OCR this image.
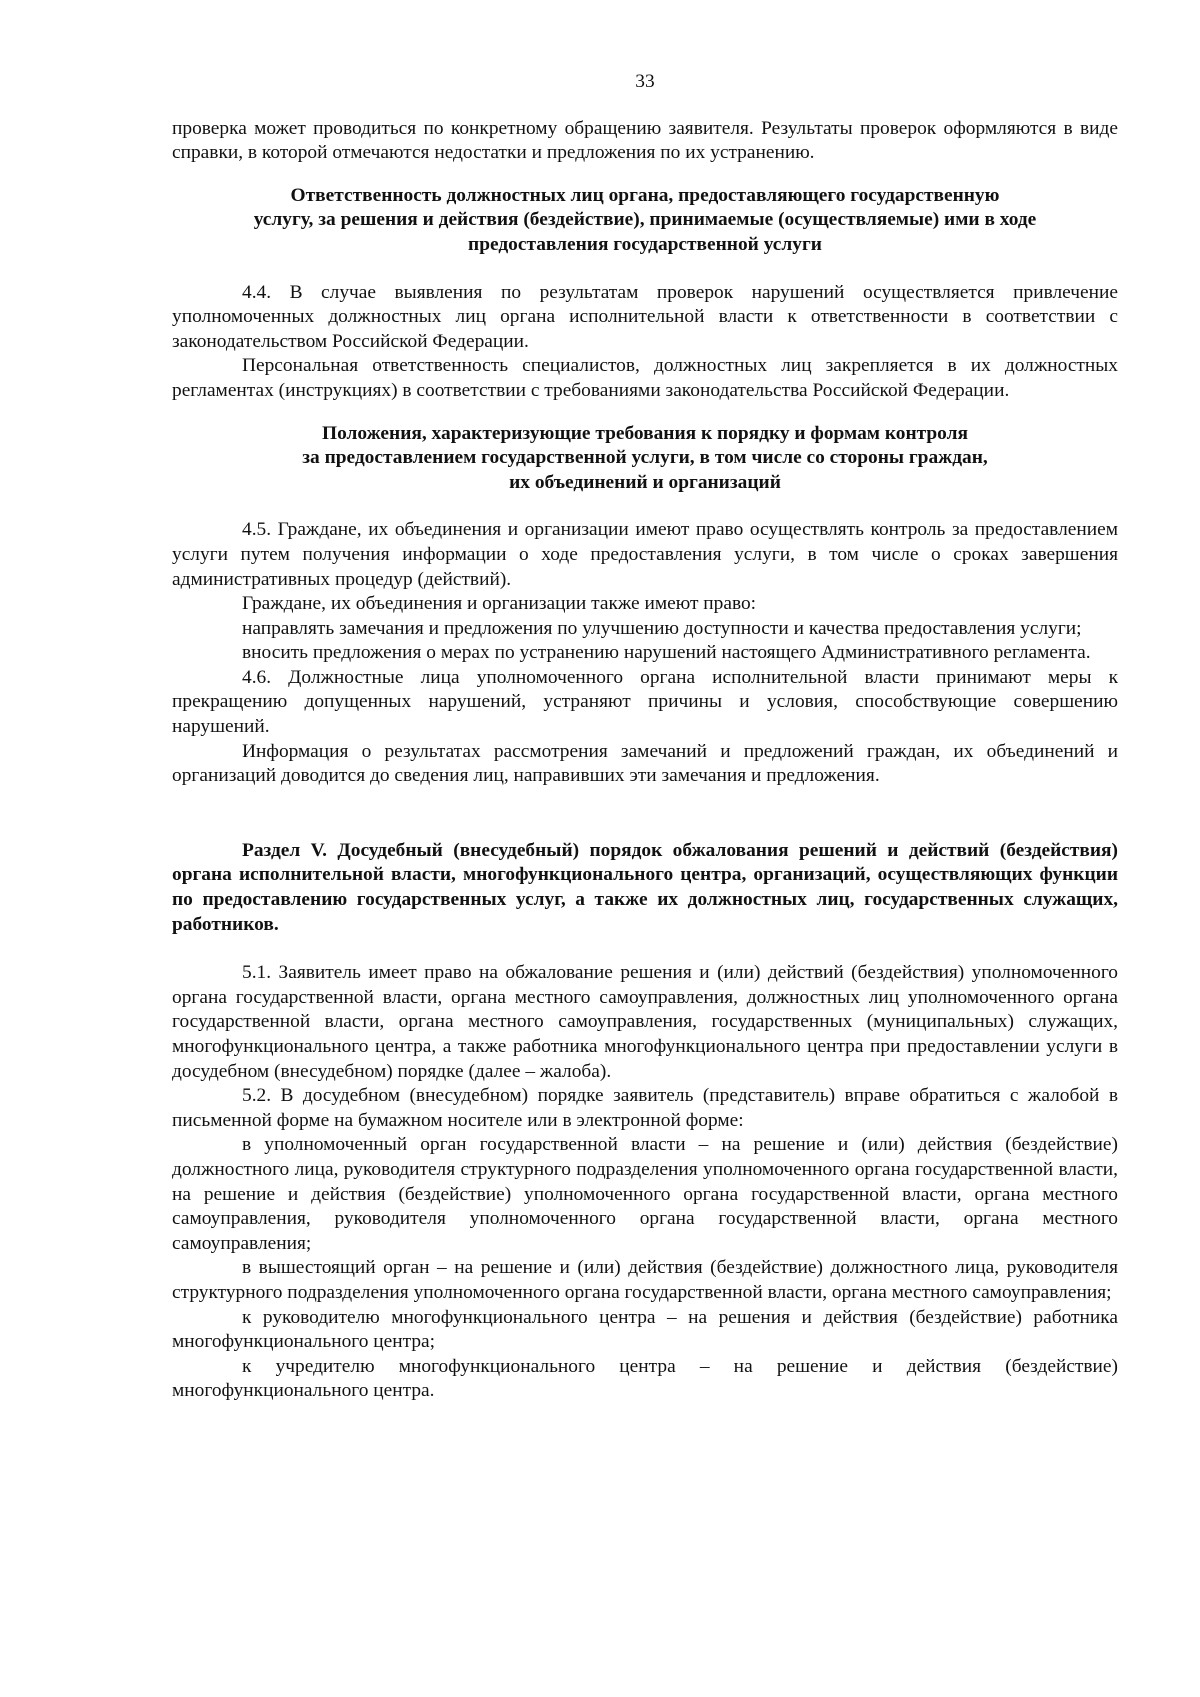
33

проверка может проводиться по конкретному обращению заявителя. Результаты проверок оформляются в виде справки, в которой отмечаются недостатки и предложения по их устранению.

Ответственность должностных лиц органа, предоставляющего государственную
услугу, за решения и действия (бездействие), принимаемые (осуществляемые) ими в ходе
предоставления государственной услуги

4.4. В случае выявления по результатам проверок нарушений осуществляется привлечение уполномоченных должностных лиц органа исполнительной власти к ответственности в соответствии с законодательством Российской Федерации.

Персональная ответственность специалистов, должностных лиц закрепляется в их должностных регламентах (инструкциях) в соответствии с требованиями законодательства Российской Федерации.

Положения, характеризующие требования к порядку и формам контроля
за предоставлением государственной услуги, в том числе со стороны граждан,
их объединений и организаций

4.5. Граждане, их объединения и организации имеют право осуществлять контроль за предоставлением услуги путем получения информации о ходе предоставления услуги, в том числе о сроках завершения административных процедур (действий).

Граждане, их объединения и организации также имеют право:

направлять замечания и предложения по улучшению доступности и качества предоставления услуги;

вносить предложения о мерах по устранению нарушений настоящего Административного регламента.

4.6. Должностные лица уполномоченного органа исполнительной власти принимают меры к прекращению допущенных нарушений, устраняют причины и условия, способствующие совершению нарушений.

Информация о результатах рассмотрения замечаний и предложений граждан, их объединений и организаций доводится до сведения лиц, направивших эти замечания и предложения.

Раздел V. Досудебный (внесудебный) порядок обжалования решений и действий (бездействия) органа исполнительной власти, многофункционального центра, организаций, осуществляющих функции по предоставлению государственных услуг, а также их должностных лиц, государственных служащих, работников.

5.1. Заявитель имеет право на обжалование решения и (или) действий (бездействия) уполномоченного органа государственной власти, органа местного самоуправления, должностных лиц уполномоченного органа государственной власти, органа местного самоуправления, государственных (муниципальных) служащих, многофункционального центра, а также работника многофункционального центра при предоставлении услуги в досудебном (внесудебном) порядке (далее – жалоба).

5.2. В досудебном (внесудебном) порядке заявитель (представитель) вправе обратиться с жалобой в письменной форме на бумажном носителе или в электронной форме:

в уполномоченный орган государственной власти – на решение и (или) действия (бездействие) должностного лица, руководителя структурного подразделения уполномоченного органа государственной власти, на решение и действия (бездействие) уполномоченного органа государственной власти, органа местного самоуправления, руководителя уполномоченного органа государственной власти, органа местного самоуправления;

в вышестоящий орган – на решение и (или) действия (бездействие) должностного лица, руководителя структурного подразделения уполномоченного органа государственной власти, органа местного самоуправления;

к руководителю многофункционального центра – на решения и действия (бездействие) работника многофункционального центра;

к учредителю многофункционального центра – на решение и действия (бездействие) многофункционального центра.
